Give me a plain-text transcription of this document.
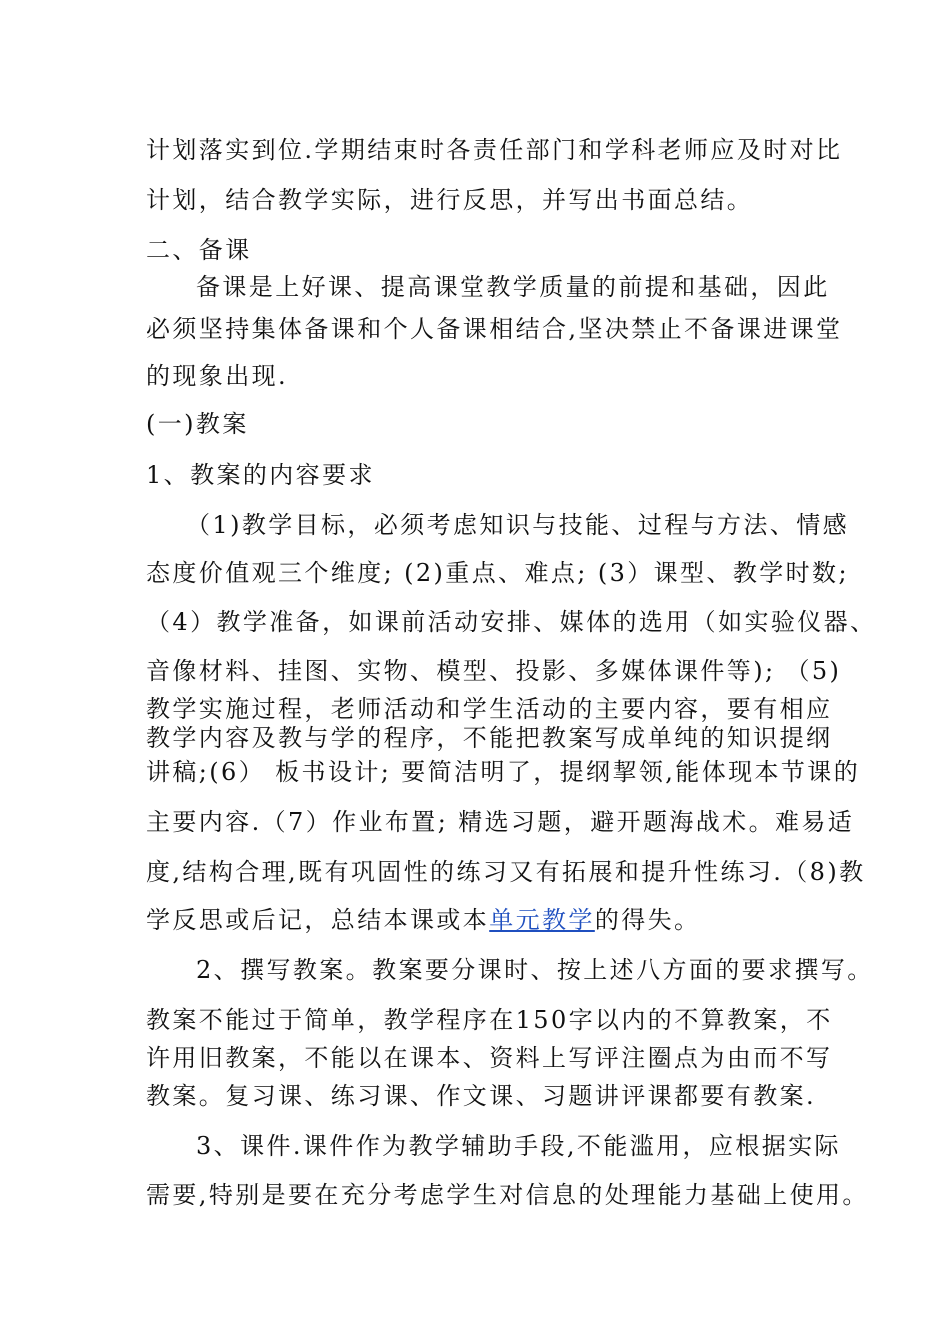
计划落实到位.学期结束时各责任部门和学科老师应及时对比
计划，结合教学实际，进行反思，并写出书面总结。
二、备课
备课是上好课、提高课堂教学质量的前提和基础，因此
必须坚持集体备课和个人备课相结合,坚决禁止不备课进课堂
的现象出现.
(一)教案
1、教案的内容要求
（1)教学目标，必须考虑知识与技能、过程与方法、情感
态度价值观三个维度; (2)重点、难点; (3）课型、教学时数;
（4）教学准备，如课前活动安排、媒体的选用（如实验仪器、
音像材料、挂图、实物、模型、投影、多媒体课件等); （5)
教学实施过程，老师活动和学生活动的主要内容，要有相应
教学内容及教与学的程序，不能把教案写成单纯的知识提纲
讲稿;(6） 板书设计; 要简洁明了，提纲挈领,能体现本节课的
主要内容.（7）作业布置; 精选习题，避开题海战术。难易适
度,结构合理,既有巩固性的练习又有拓展和提升性练习.（8)教
学反思或后记，总结本课或本单元教学的得失。
2、撰写教案。教案要分课时、按上述八方面的要求撰写。
教案不能过于简单，教学程序在150字以内的不算教案，不
许用旧教案，不能以在课本、资料上写评注圈点为由而不写
教案。复习课、练习课、作文课、习题讲评课都要有教案.
3、课件.课件作为教学辅助手段,不能滥用，应根据实际
需要,特别是要在充分考虑学生对信息的处理能力基础上使用。
